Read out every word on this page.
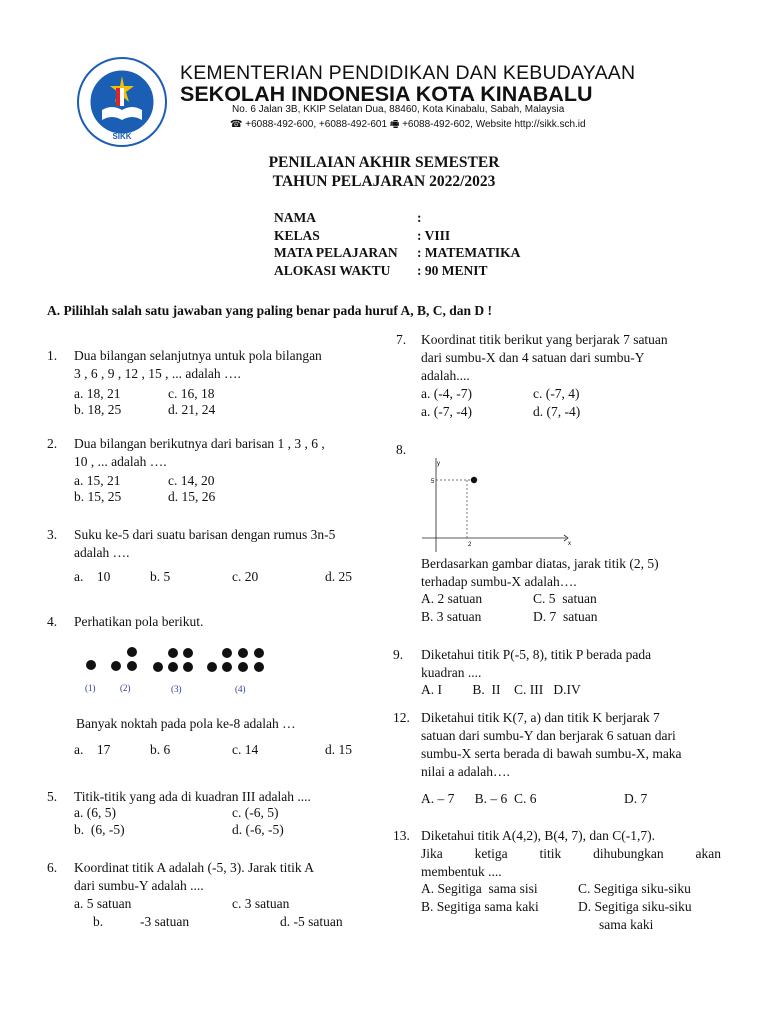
SIKK
KEMENTERIAN PENDIDIKAN DAN KEBUDAYAAN
SEKOLAH INDONESIA KOTA KINABALU
No. 6 Jalan 3B, KKIP Selatan Dua, 88460, Kota Kinabalu, Sabah, Malaysia
☎ +6088-492-600, +6088-492-601 🖷 +6088-492-602, Website http://sikk.sch.id
PENILAIAN AKHIR SEMESTER
TAHUN PELAJARAN 2022/2023
NAMA	:
KELAS	: VIII
MATA PELAJARAN : MATEMATIKA
ALOKASI WAKTU : 90 MENIT
A. Pilihlah salah satu jawaban yang paling benar pada huruf A, B, C, dan D !
1. Dua bilangan selanjutnya untuk pola bilangan
3 , 6 , 9 , 12 , 15 , ... adalah ….
a. 18, 21	c. 16, 18
b. 18, 25	d. 21, 24
2. Dua bilangan berikutnya dari barisan 1 , 3 , 6 ,
10 , ... adalah ….
a. 15, 21	c. 14, 20
b. 15, 25	d. 15, 26
3. Suku ke-5 dari suatu barisan dengan rumus 3n-5
adalah ….
a.    10	b. 5	c. 20	d. 25
4. Perhatikan pola berikut.
(1)	(2)	(3)	(4)
Banyak noktah pada pola ke-8 adalah …
a.    17	b. 6	c. 14	d. 15
5. Titik-titik yang ada di kuadran III adalah ....
a. (6, 5)	c. (-6, 5)
b.  (6, -5)	d. (-6, -5)
6. Koordinat titik A adalah (-5, 3). Jarak titik A
dari sumbu-Y adalah ....
a. 5 satuan	c. 3 satuan
b.	-3 satuan	d. -5 satuan
7. Koordinat titik berikut yang berjarak 7 satuan
dari sumbu-X dan 4 satuan dari sumbu-Y
adalah....
a. (-4, -7)	c. (-7, 4)
a. (-7, -4)	d. (7, -4)
8.
y
x
5
2
Berdasarkan gambar diatas, jarak titik (2, 5)
terhadap sumbu-X adalah….
A. 2 satuan	C. 5  satuan
B. 3 satuan	D. 7  satuan
9. Diketahui titik P(-5, 8), titik P berada pada
kuadran ....
A. I         B.  II    C. III   D.IV
12. Diketahui titik K(7, a) dan titik K berjarak 7
satuan dari sumbu-Y dan berjarak 6 satuan dari
sumbu-X serta berada di bawah sumbu-X, maka
nilai a adalah….
A. – 7      B. – 6  C. 6	D. 7
13. Diketahui titik A(4,2), B(4, 7), dan C(-1,7).
Jika ketiga titik dihubungkan akan
membentuk ....
A. Segitiga  sama sisi	C. Segitiga siku-siku
B. Segitiga sama kaki	D. Segitiga siku-siku
sama kaki
